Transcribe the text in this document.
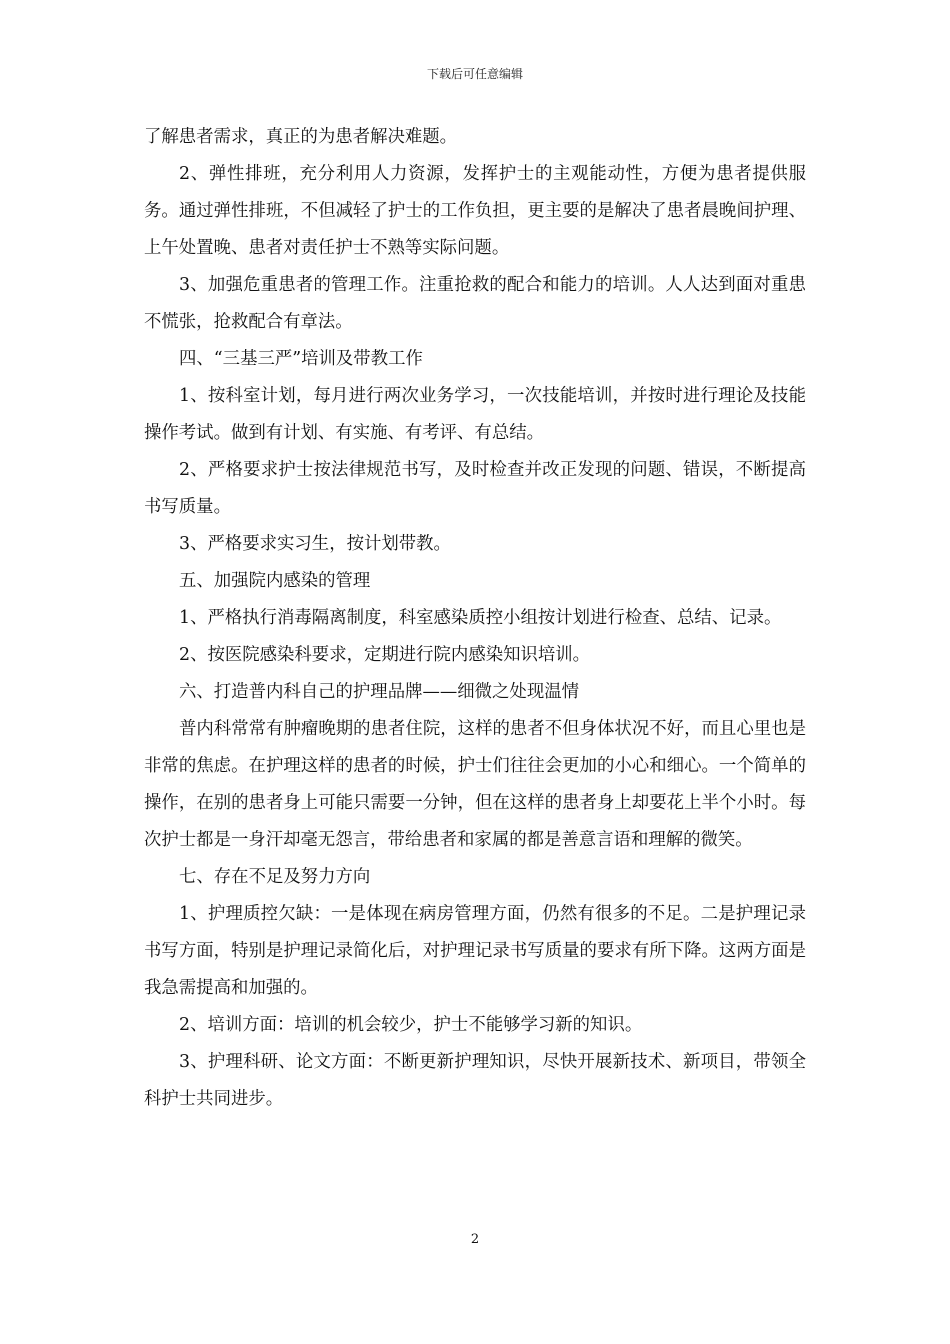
下载后可任意编辑

了解患者需求，真正的为患者解决难题。

2、弹性排班，充分利用人力资源，发挥护士的主观能动性，方便为患者提供服务。通过弹性排班，不但减轻了护士的工作负担，更主要的是解决了患者晨晚间护理、上午处置晚、患者对责任护士不熟等实际问题。

3、加强危重患者的管理工作。注重抢救的配合和能力的培训。人人达到面对重患不慌张，抢救配合有章法。

四、“三基三严”培训及带教工作

1、按科室计划，每月进行两次业务学习，一次技能培训，并按时进行理论及技能操作考试。做到有计划、有实施、有考评、有总结。

2、严格要求护士按法律规范书写，及时检查并改正发现的问题、错误，不断提高书写质量。

3、严格要求实习生，按计划带教。

五、加强院内感染的管理

1、严格执行消毒隔离制度，科室感染质控小组按计划进行检查、总结、记录。

2、按医院感染科要求，定期进行院内感染知识培训。

六、打造普内科自己的护理品牌——细微之处现温情

普内科常常有肿瘤晚期的患者住院，这样的患者不但身体状况不好，而且心里也是非常的焦虑。在护理这样的患者的时候，护士们往往会更加的小心和细心。一个简单的操作，在别的患者身上可能只需要一分钟，但在这样的患者身上却要花上半个小时。每次护士都是一身汗却毫无怨言，带给患者和家属的都是善意言语和理解的微笑。

七、存在不足及努力方向

1、护理质控欠缺：一是体现在病房管理方面，仍然有很多的不足。二是护理记录书写方面，特别是护理记录简化后，对护理记录书写质量的要求有所下降。这两方面是我急需提高和加强的。

2、培训方面：培训的机会较少，护士不能够学习新的知识。

3、护理科研、论文方面：不断更新护理知识，尽快开展新技术、新项目，带领全科护士共同进步。

2
